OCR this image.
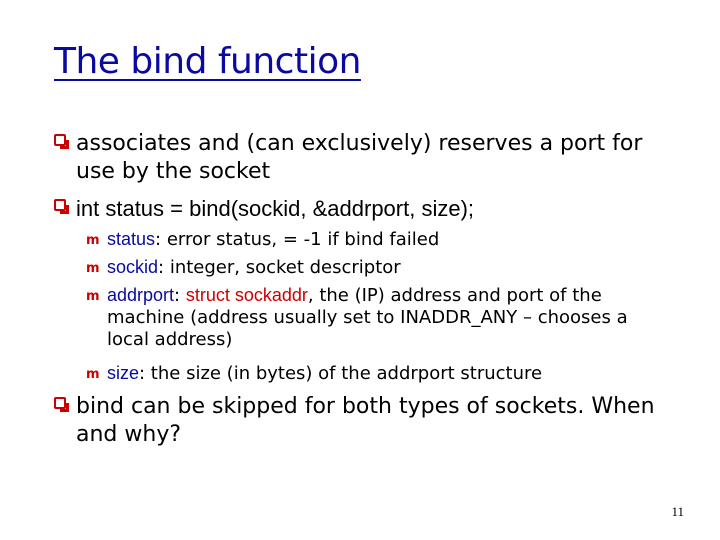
The bind function
associates and (can exclusively) reserves a port for use by the socket
int status = bind(sockid, &addrport, size);
m status: error status, = -1 if bind failed
m sockid: integer, socket descriptor
m addrport: struct sockaddr, the (IP) address and port of the machine (address usually set to INADDR_ANY – chooses a local address)
m size: the size (in bytes) of the addrport structure
bind can be skipped for both types of sockets. When and why?
11
